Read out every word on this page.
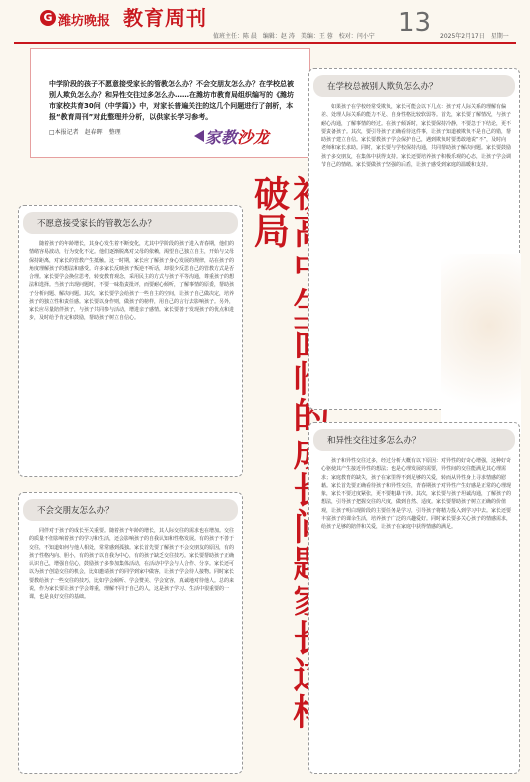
G 潍坊晚报 教育周刊
值班主任：陈 晨　编辑：赵 涛　美编：王 蓉　校对：闫小宁 13 2025年2月17日　星期一
中学阶段的孩子不愿意接受家长的管教怎么办？不会交朋友怎么办？在学校总被别人欺负怎么办？和异性交往过多怎么办……在潍坊市教育局组织编写的《潍坊市家校共育30问（中学篇）》中，对家长普遍关注的这几个问题进行了剖析，本报“教育周刊”对此整理并分析，以供家长学习参考。
□本报记者　赵春晖　整理	家教沙龙
不愿意接受家长的管教怎么办？
随着孩子的年龄增长，其身心发生着不断变化，尤其中学阶段的孩子进入青春期，他们的情绪容易波动，行为变化不定。他们逐渐脱离对父母的依赖，渴望自己独立自主，开始与父母保持距离，对家长的管教产生抵触。这一时期，家长应了解孩子身心发展的规律，站在孩子的角度理解孩子的想法和感受。许多家长反映孩子叛逆不听话，却很少反思自己的管教方式是否合理。家长要学会换位思考，转变教育观念，采用民主的方式与孩子平等沟通，尊重孩子的想法和选择。当孩子出现问题时，不要一味指责批评，而要耐心倾听，了解事情的原委，帮助孩子分析问题、解决问题。其次，家长要学会给孩子一些自主的空间，让孩子自己做决定，培养孩子的独立性和责任感。家长要以身作则，做孩子的榜样，用自己的言行去影响孩子。另外，家长应尽量陪伴孩子，与孩子共同参与活动，增进亲子感情。家长要善于发现孩子的优点和进步，及时给予肯定和鼓励，帮助孩子树立自信心。
不会交朋友怎么办？
同伴对于孩子的成长至关重要。随着孩子年龄的增长，其人际交往的需求也在增加。交往的质量不但影响着孩子的学习和生活，还会影响孩子的自我认知和性格发展。有的孩子不善于交往，不知道如何与他人相处，常常感到孤独。家长首先要了解孩子不会交朋友的原因，有的孩子性格内向、胆小，有的孩子以自我为中心，有的孩子缺乏交往技巧。家长要帮助孩子正确认识自己，增强自信心，鼓励孩子多参加集体活动，在活动中学会与人合作、分享。家长还可以为孩子创造交往的机会，比如邀请孩子的同学到家中做客，让孩子学会待人接物。同时家长要教给孩子一些交往的技巧，比如学会倾听、学会赞美、学会宽容，真诚地对待他人。总的来说，作为家长要让孩子学会尊重，理解不同于自己的人，这是孩子学习、生活中很重要的一课，也是良好交往的基础。
的 破局
在学校总被别人欺负怎么办？
如果孩子在学校经常受欺负，家长可能会以下几点：孩子对人际关系的理解有偏差、处理人际关系的能力不足、自身性格比较软弱等。首先，家长要了解情况，与孩子耐心沟通，了解事情的经过。在孩子倾诉时，家长要保持冷静，不要急于下结论，更不要责备孩子。其次，要引导孩子正确看待这件事，让孩子知道被欺负不是自己的错，帮助孩子建立自信。家长要教孩子学会保护自己，遇到欺负时要勇敢地说“不”，及时向老师和家长求助。同时，家长要与学校保持沟通，共同帮助孩子解决问题。家长要鼓励孩子多交朋友，在集体中获得支持。家长还要培养孩子积极乐观的心态，让孩子学会调节自己的情绪。家长要做孩子坚强的后盾，让孩子感受到家庭的温暖和支持。
和异性交往过多怎么办？
孩子和异性交往过多，经过分析大概有以下原因：对异性的好奇心增强，这种好奇心驱使其产生接近异性的想法；也是心理发展的需要，异性间的交往能满足其心理需求；家庭教育的缺失，孩子在家里得不到足够的关爱，转而从异性身上寻求情感的慰藉。家长首先要正确看待孩子和异性交往，青春期孩子对异性产生好感是正常的心理现象，家长不要过度紧张，更不要粗暴干涉。其次，家长要与孩子坦诚沟通，了解孩子的想法，引导孩子把握交往的尺度，做到自然、适度。家长要帮助孩子树立正确的价值观，让孩子明白现阶段的主要任务是学习，引导孩子将精力投入到学习中去。家长还要丰富孩子的课余生活，培养孩子广泛的兴趣爱好。同时家长要多关心孩子的情感需求，给孩子足够的陪伴和关爱，让孩子在家庭中获得情感的满足。
